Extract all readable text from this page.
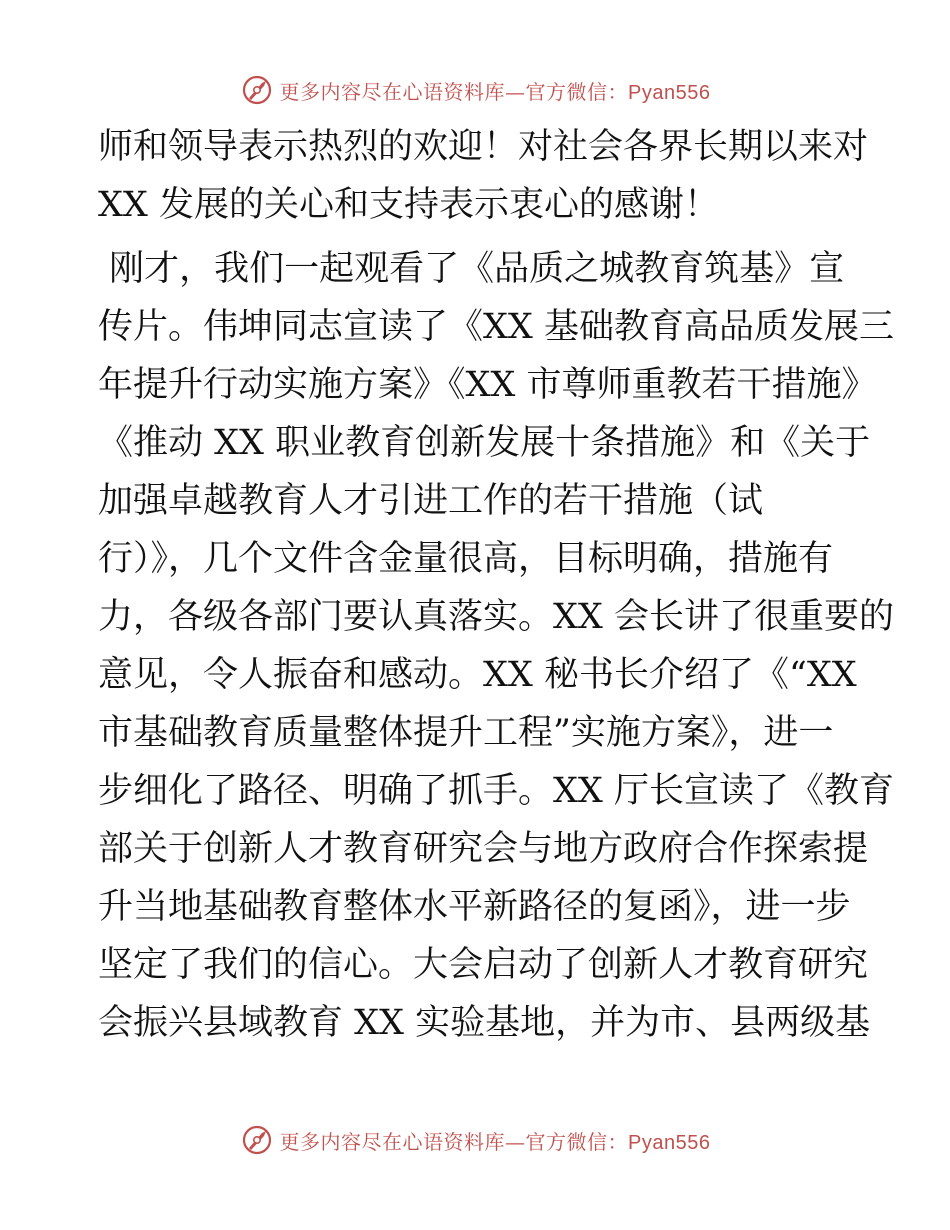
更多内容尽在心语资料库—官方微信：Pyan556
师和领导表示热烈的欢迎！对社会各界长期以来对
XX 发展的关心和支持表示衷心的感谢！
刚才，我们一起观看了《品质之城教育筑基》宣
传片。伟坤同志宣读了《XX 基础教育高品质发展三
年提升行动实施方案》《XX 市尊师重教若干措施》
《推动 XX 职业教育创新发展十条措施》和《关于
加强卓越教育人才引进工作的若干措施（试
行）》，几个文件含金量很高，目标明确，措施有
力，各级各部门要认真落实。XX 会长讲了很重要的
意见，令人振奋和感动。XX 秘书长介绍了《“XX
市基础教育质量整体提升工程”实施方案》，进一
步细化了路径、明确了抓手。XX 厅长宣读了《教育
部关于创新人才教育研究会与地方政府合作探索提
升当地基础教育整体水平新路径的复函》，进一步
坚定了我们的信心。大会启动了创新人才教育研究
会振兴县域教育 XX 实验基地，并为市、县两级基
更多内容尽在心语资料库—官方微信：Pyan556
